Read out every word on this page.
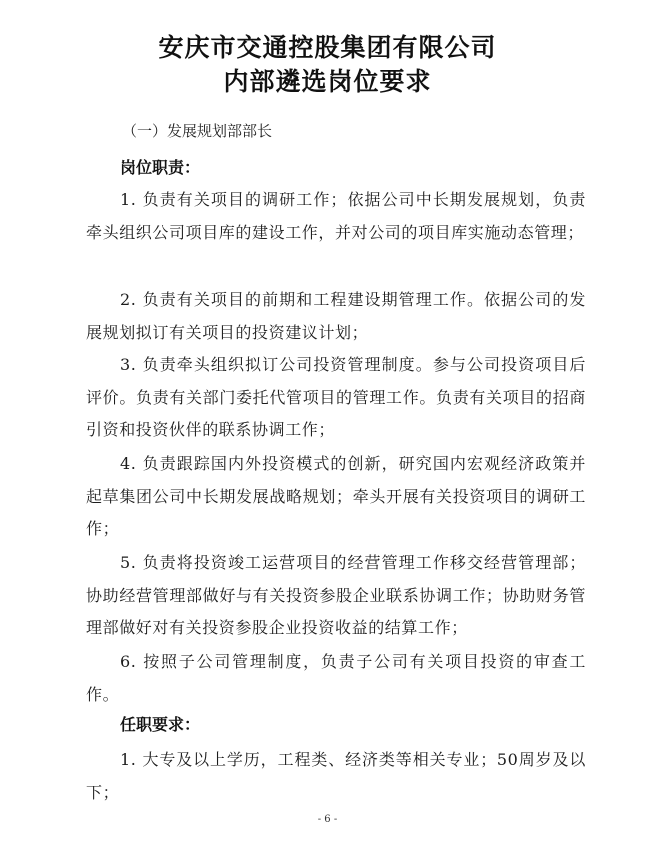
安庆市交通控股集团有限公司
内部遴选岗位要求
（一）发展规划部部长
岗位职责：

1. 负责有关项目的调研工作；依据公司中长期发展规划，负责牵头组织公司项目库的建设工作，并对公司的项目库实施动态管理；

2. 负责有关项目的前期和工程建设期管理工作。依据公司的发展规划拟订有关项目的投资建议计划；

3. 负责牵头组织拟订公司投资管理制度。参与公司投资项目后评价。负责有关部门委托代管项目的管理工作。负责有关项目的招商引资和投资伙伴的联系协调工作；

4. 负责跟踪国内外投资模式的创新，研究国内宏观经济政策并起草集团公司中长期发展战略规划；牵头开展有关投资项目的调研工作；

5. 负责将投资竣工运营项目的经营管理工作移交经营管理部；协助经营管理部做好与有关投资参股企业联系协调工作；协助财务管理部做好对有关投资参股企业投资收益的结算工作；

6. 按照子公司管理制度，负责子公司有关项目投资的审查工作。

任职要求：

1. 大专及以上学历，工程类、经济类等相关专业；50周岁及以下；

- 6 -
